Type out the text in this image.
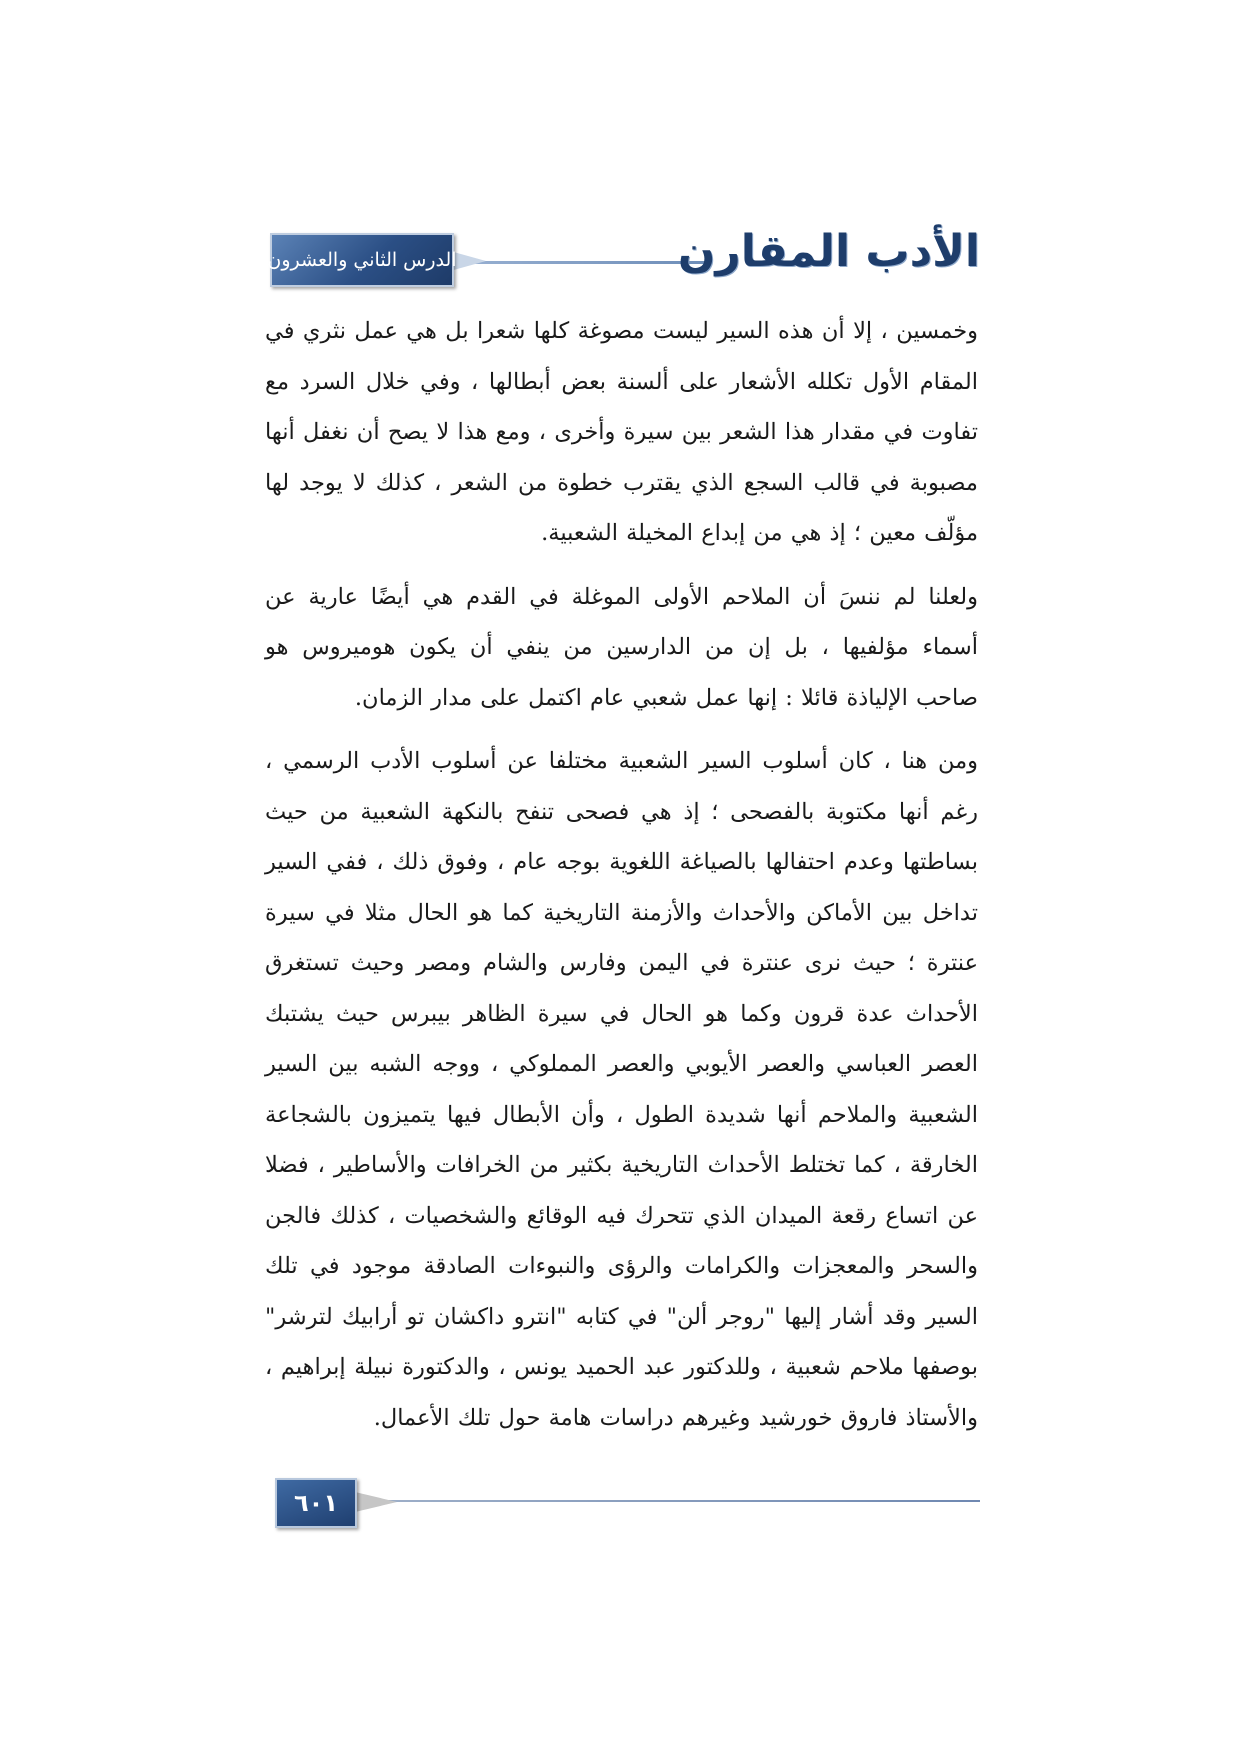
الدرس الثاني والعشرون	الأدب المقارن

وخمسين ، إلا أن هذه السير ليست مصوغة كلها شعرا بل هي عمل نثري في المقام الأول تكلله الأشعار على ألسنة بعض أبطالها ، وفي خلال السرد مع تفاوت في مقدار هذا الشعر بين سيرة وأخرى ، ومع هذا لا يصح أن نغفل أنها مصبوبة في قالب السجع الذي يقترب خطوة من الشعر ، كذلك لا يوجد لها مؤلّف معين ؛ إذ هي من إبداع المخيلة الشعبية.

ولعلنا لم ننسَ أن الملاحم الأولى الموغلة في القدم هي أيضًا عارية عن أسماء مؤلفيها ، بل إن من الدارسين من ينفي أن يكون هوميروس هو صاحب الإلياذة قائلا : إنها عمل شعبي عام اكتمل على مدار الزمان.

ومن هنا ، كان أسلوب السير الشعبية مختلفا عن أسلوب الأدب الرسمي ، رغم أنها مكتوبة بالفصحى ؛ إذ هي فصحى تنفح بالنكهة الشعبية من حيث بساطتها وعدم احتفالها بالصياغة اللغوية بوجه عام ، وفوق ذلك ، ففي السير تداخل بين الأماكن والأحداث والأزمنة التاريخية كما هو الحال مثلا في سيرة عنترة ؛ حيث نرى عنترة في اليمن وفارس والشام ومصر وحيث تستغرق الأحداث عدة قرون وكما هو الحال في سيرة الظاهر بيبرس حيث يشتبك العصر العباسي والعصر الأيوبي والعصر المملوكي ، ووجه الشبه بين السير الشعبية والملاحم أنها شديدة الطول ، وأن الأبطال فيها يتميزون بالشجاعة الخارقة ، كما تختلط الأحداث التاريخية بكثير من الخرافات والأساطير ، فضلا عن اتساع رقعة الميدان الذي تتحرك فيه الوقائع والشخصيات ، كذلك فالجن والسحر والمعجزات والكرامات والرؤى والنبوءات الصادقة موجود في تلك السير وقد أشار إليها "روجر ألن" في كتابه "انترو داكشان تو أرابيك لترشر" بوصفها ملاحم شعبية ، وللدكتور عبد الحميد يونس ، والدكتورة نبيلة إبراهيم ، والأستاذ فاروق خورشيد وغيرهم دراسات هامة حول تلك الأعمال.

٦٠١
